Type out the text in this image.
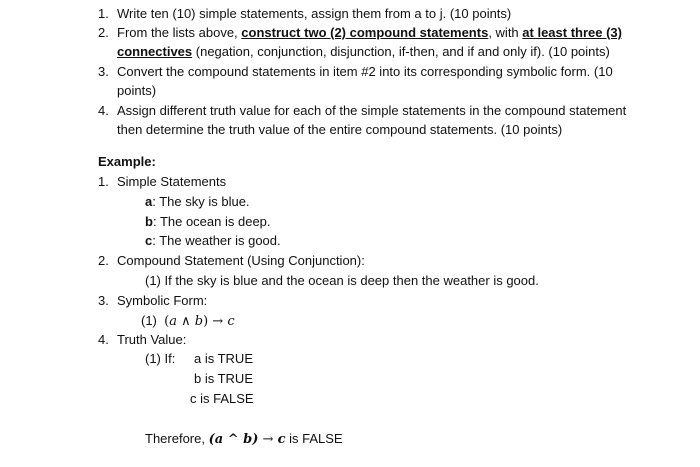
1. Write ten (10) simple statements, assign them from a to j. (10 points)
2. From the lists above, construct two (2) compound statements, with at least three (3)
connectives (negation, conjunction, disjunction, if-then, and if and only if). (10 points)
3. Convert the compound statements in item #2 into its corresponding symbolic form. (10
points)
4. Assign different truth value for each of the simple statements in the compound statement
then determine the truth value of the entire compound statements. (10 points)
Example:
1. Simple Statements
a: The sky is blue.
b: The ocean is deep.
c: The weather is good.
2. Compound Statement (Using Conjunction):
(1) If the sky is blue and the ocean is deep then the weather is good.
3. Symbolic Form:
(1) (a ∧ b) → c
4. Truth Value:
(1) If: a is TRUE
b is TRUE
c is FALSE
Therefore, (a ^ b) → c is FALSE
